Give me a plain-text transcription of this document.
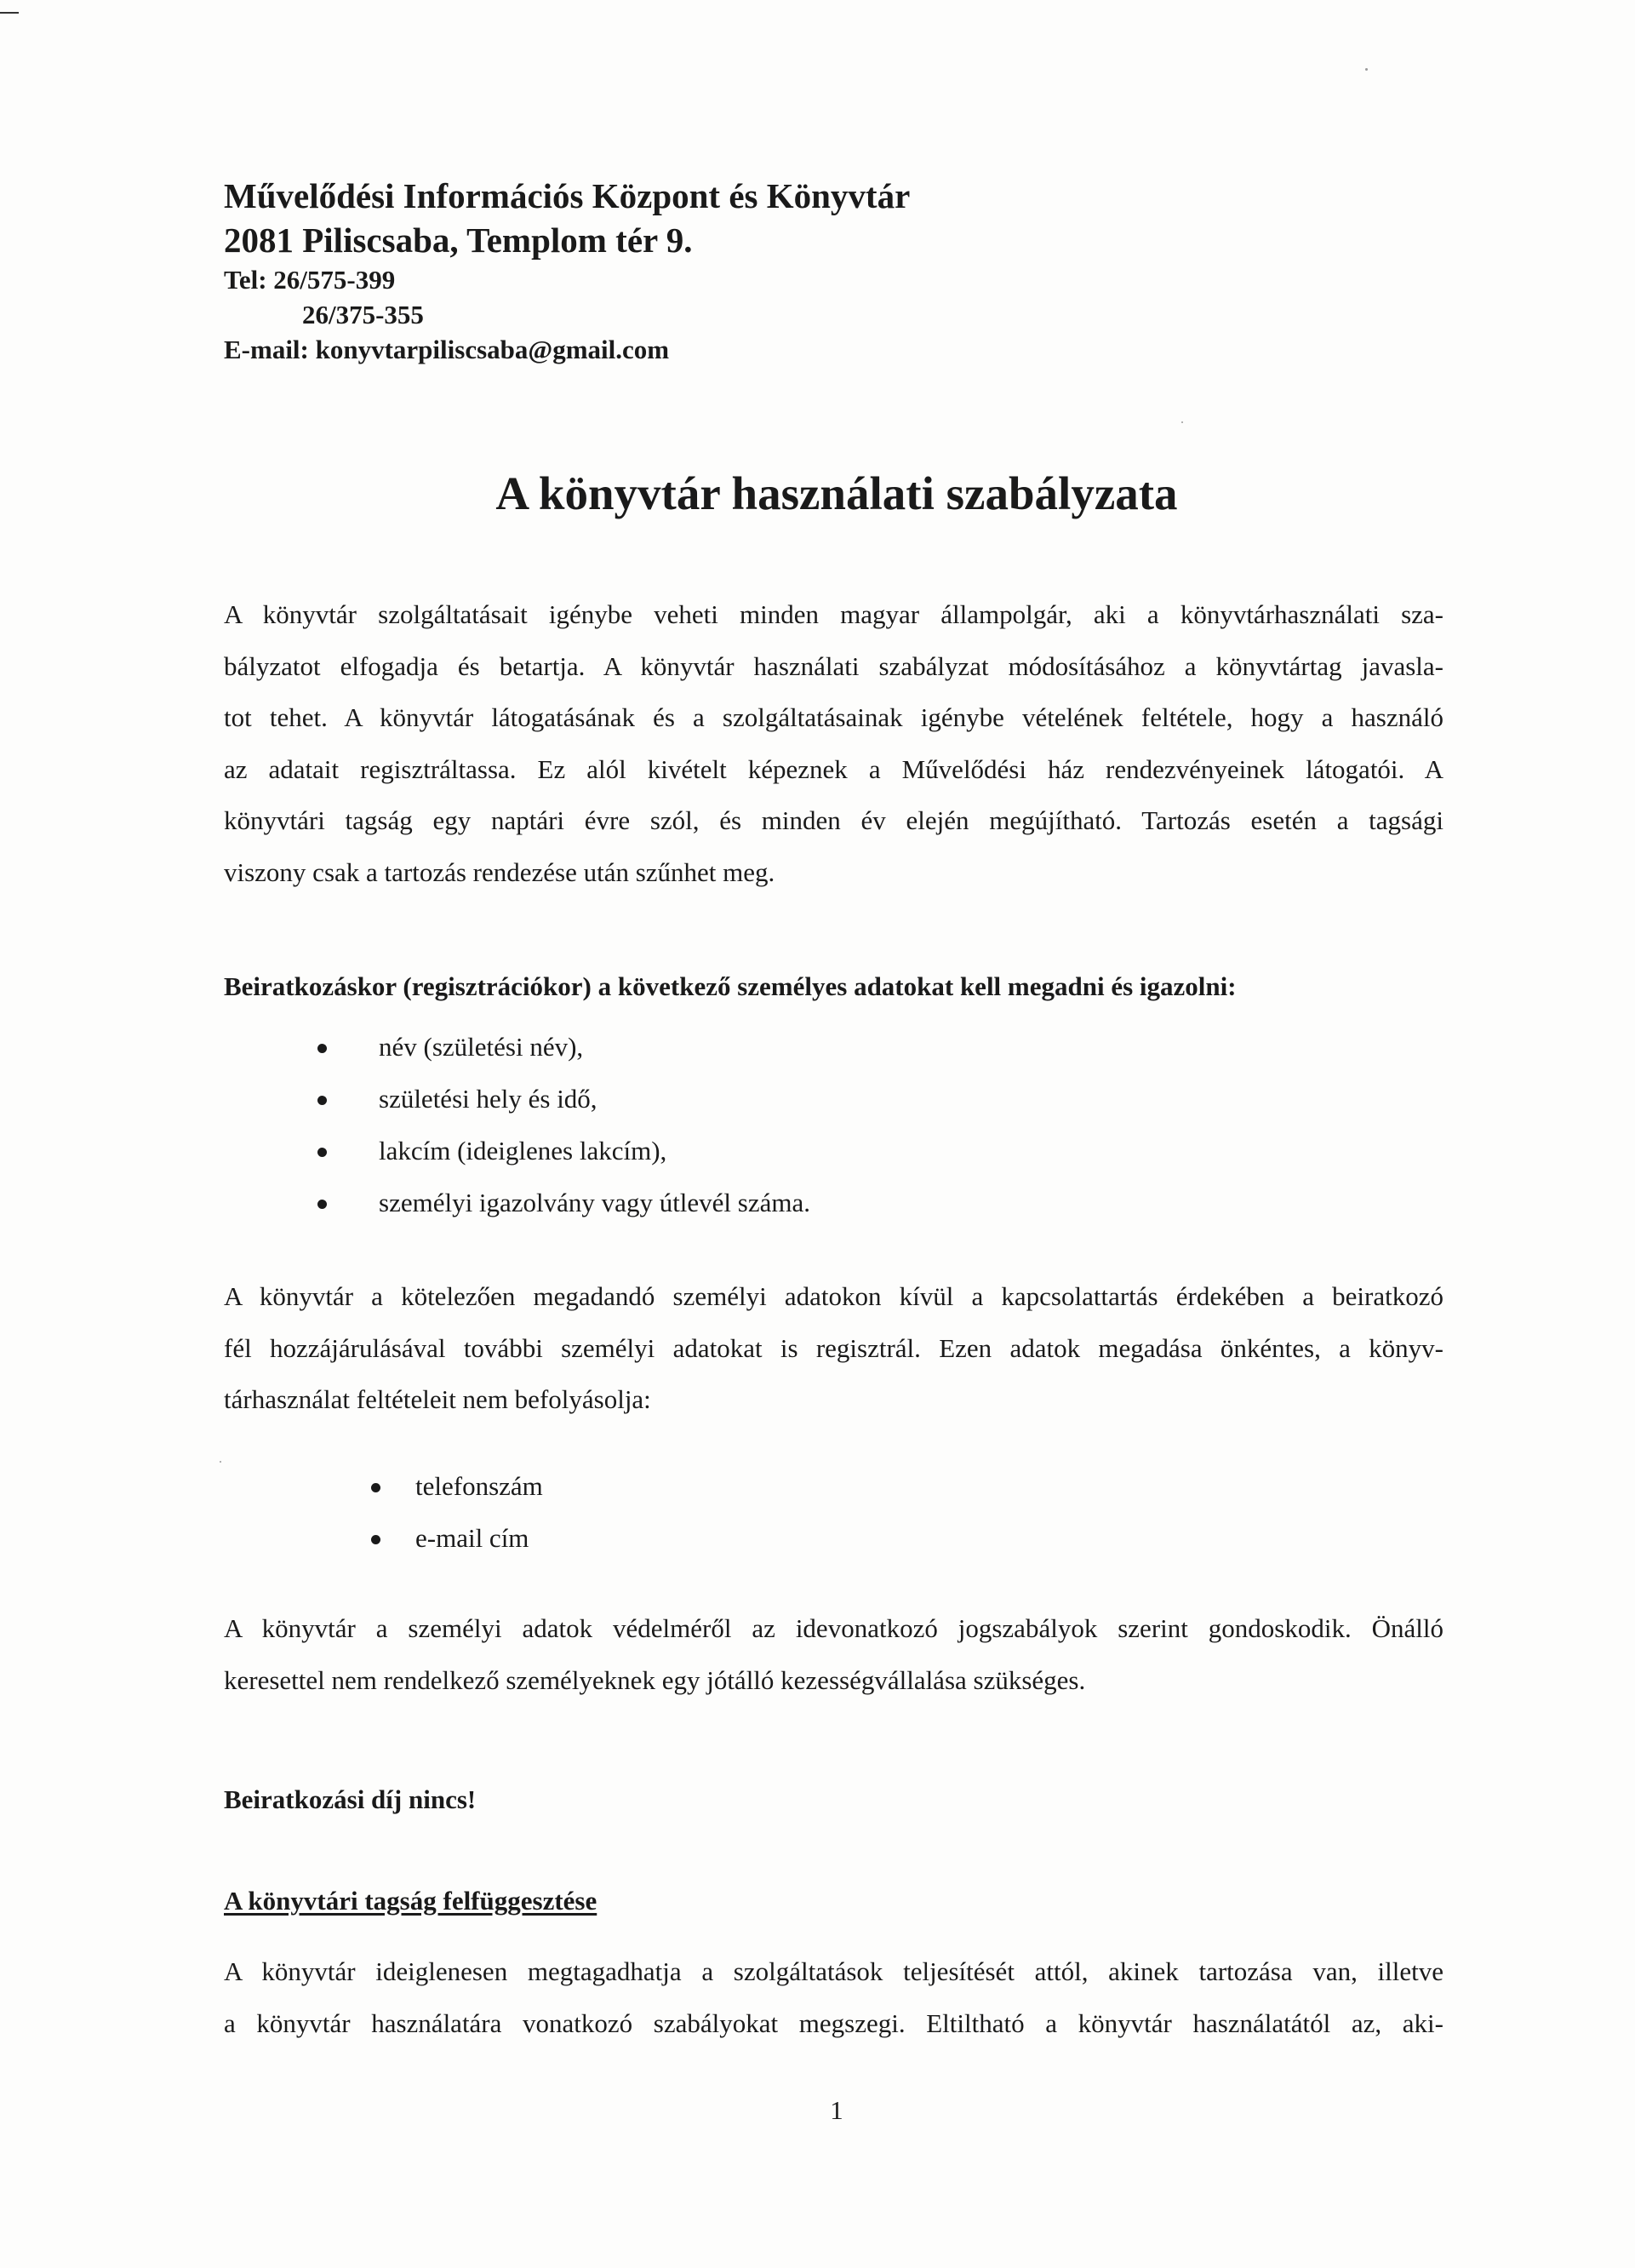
Művelődési Információs Központ és Könyvtár
2081 Piliscsaba, Templom tér 9.
Tel: 26/575-399
26/375-355
E-mail: konyvtarpiliscsaba@gmail.com
A könyvtár használati szabályzata
A könyvtár szolgáltatásait igénybe veheti minden magyar állampolgár, aki a könyvtárhasználati sza-
bályzatot elfogadja és betartja. A könyvtár használati szabályzat módosításához a könyvtártag javasla-
tot tehet. A könyvtár látogatásának és a szolgáltatásainak igénybe vételének feltétele, hogy a használó
az adatait regisztráltassa. Ez alól kivételt képeznek a Művelődési ház rendezvényeinek látogatói. A
könyvtári tagság egy naptári évre szól, és minden év elején megújítható. Tartozás esetén a tagsági
viszony csak a tartozás rendezése után szűnhet meg.
Beiratkozáskor (regisztrációkor) a következő személyes adatokat kell megadni és igazolni:
név (születési név),
születési hely és idő,
lakcím (ideiglenes lakcím),
személyi igazolvány vagy útlevél száma.
A könyvtár a kötelezően megadandó személyi adatokon kívül a kapcsolattartás érdekében a beiratkozó
fél hozzájárulásával további személyi adatokat is regisztrál. Ezen adatok megadása önkéntes, a könyv-
tárhasználat feltételeit nem befolyásolja:
telefonszám
e-mail cím
A könyvtár a személyi adatok védelméről az idevonatkozó jogszabályok szerint gondoskodik. Önálló
keresettel nem rendelkező személyeknek egy jótálló kezességvállalása szükséges.
Beiratkozási díj nincs!
A könyvtári tagság felfüggesztése
A könyvtár ideiglenesen megtagadhatja a szolgáltatások teljesítését attól, akinek tartozása van, illetve
a könyvtár használatára vonatkozó szabályokat megszegi. Eltiltható a könyvtár használatától az, aki-
1
